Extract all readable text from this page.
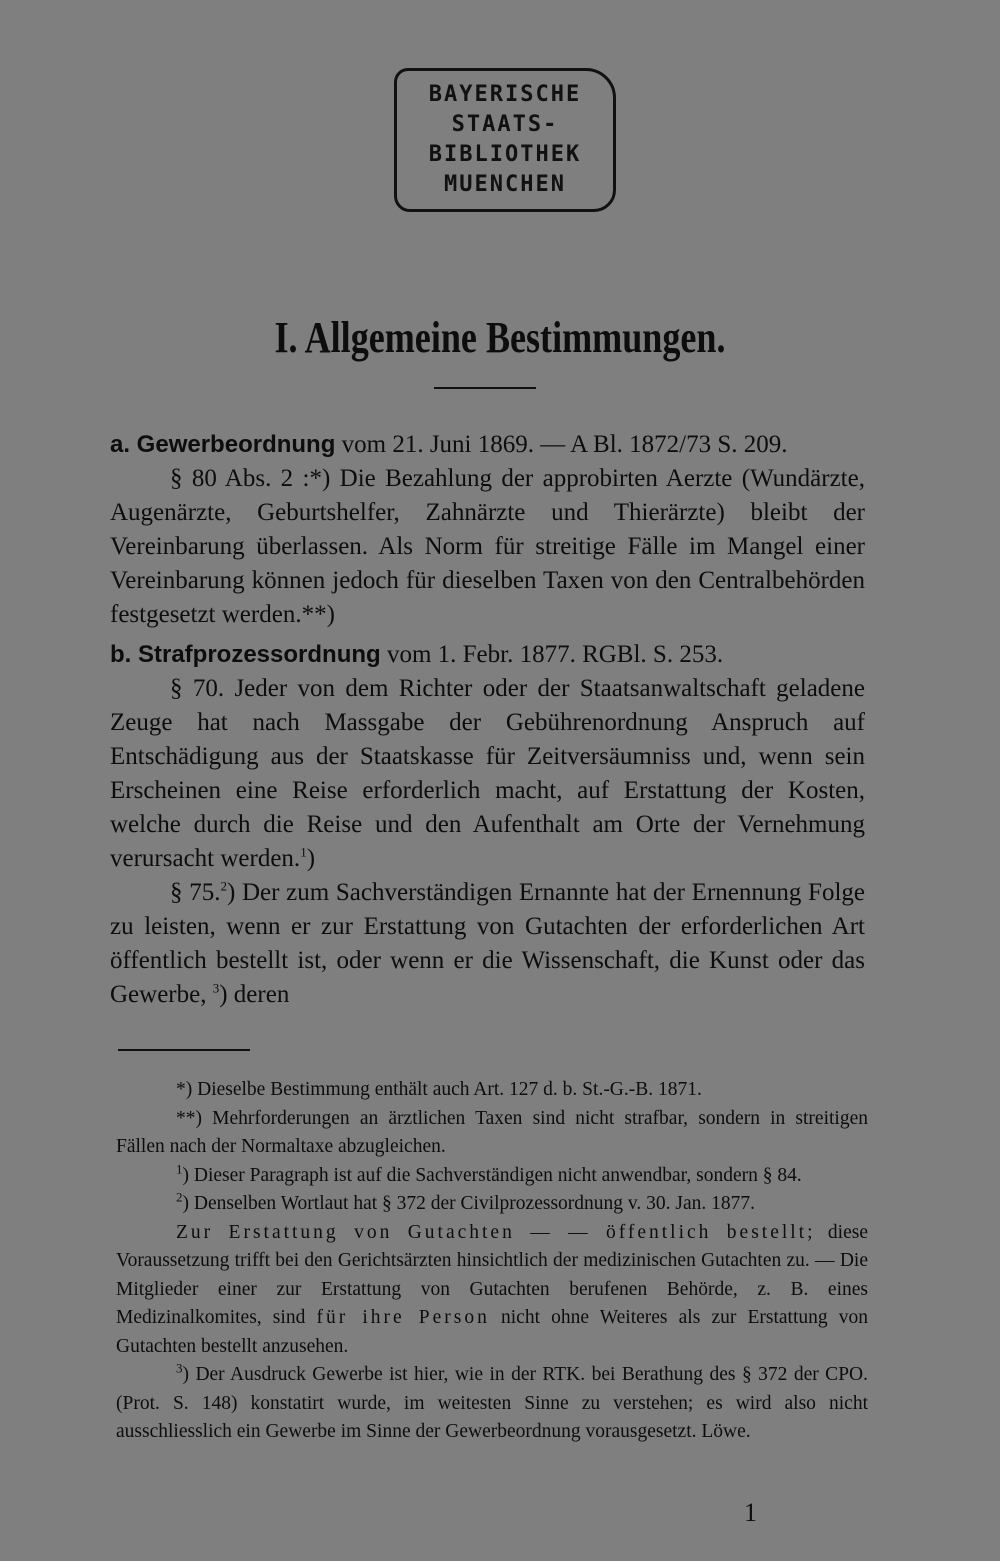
BAYERISCHE
STAATS-
BIBLIOTHEK
MUENCHEN
I. Allgemeine Bestimmungen.

a. Gewerbeordnung vom 21. Juni 1869. — A Bl. 1872/73 S. 209.

§ 80 Abs. 2 :*) Die Bezahlung der approbirten Aerzte (Wundärzte, Augenärzte, Geburtshelfer, Zahnärzte und Thierärzte) bleibt der Vereinbarung überlassen. Als Norm für streitige Fälle im Mangel einer Vereinbarung können jedoch für dieselben Taxen von den Centralbehörden festgesetzt werden.**)

b. Strafprozessordnung vom 1. Febr. 1877. RGBl. S. 253.

§ 70. Jeder von dem Richter oder der Staatsanwaltschaft geladene Zeuge hat nach Massgabe der Gebührenordnung Anspruch auf Entschädigung aus der Staatskasse für Zeitversäumniss und, wenn sein Erscheinen eine Reise erforderlich macht, auf Erstattung der Kosten, welche durch die Reise und den Aufenthalt am Orte der Vernehmung verursacht werden.$^1$)

§ 75.$^2$) Der zum Sachverständigen Ernannte hat der Ernennung Folge zu leisten, wenn er zur Erstattung von Gutachten der erforderlichen Art öffentlich bestellt ist, oder wenn er die Wissenschaft, die Kunst oder das Gewerbe, $^3$) deren

*) Dieselbe Bestimmung enthält auch Art. 127 d. b. St.-G.-B. 1871.

**) Mehrforderungen an ärztlichen Taxen sind nicht strafbar, sondern in streitigen Fällen nach der Normaltaxe abzugleichen.

$^1$) Dieser Paragraph ist auf die Sachverständigen nicht anwendbar, sondern § 84.

$^2$) Denselben Wortlaut hat § 372 der Civilprozessordnung v. 30. Jan. 1877.

Zur Erstattung von Gutachten — — öffentlich bestellt; diese Voraussetzung trifft bei den Gerichtsärzten hinsichtlich der medizinischen Gutachten zu. — Die Mitglieder einer zur Erstattung von Gutachten berufenen Behörde, z. B. eines Medizinalkomites, sind für ihre Person nicht ohne Weiteres als zur Erstattung von Gutachten bestellt anzusehen.

$^3$) Der Ausdruck Gewerbe ist hier, wie in der RTK. bei Berathung des § 372 der CPO. (Prot. S. 148) konstatirt wurde, im weitesten Sinne zu verstehen; es wird also nicht ausschliesslich ein Gewerbe im Sinne der Gewerbeordnung vorausgesetzt. Löwe.

1
